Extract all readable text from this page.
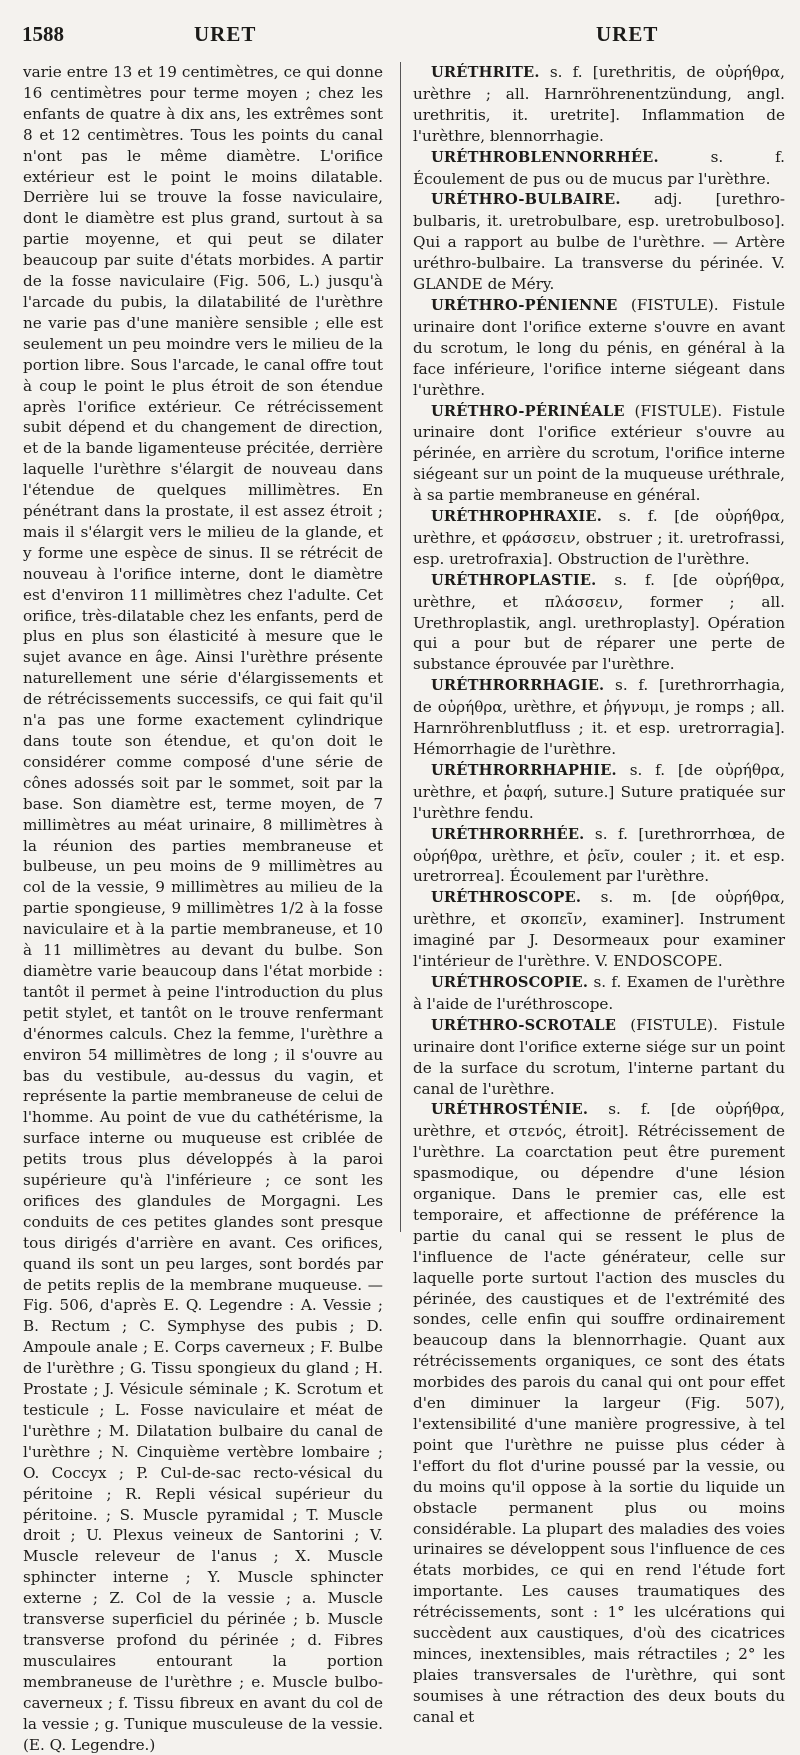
1588	URET	URET

varie entre 13 et 19 centimètres, ce qui donne 16 centimètres pour terme moyen ; chez les enfants de quatre à dix ans, les extrêmes sont 8 et 12 centimètres. Tous les points du canal n'ont pas le même diamètre. L'orifice extérieur est le point le moins dilatable. Derrière lui se trouve la fosse naviculaire, dont le diamètre est plus grand, surtout à sa partie moyenne, et qui peut se dilater beaucoup par suite d'états morbides. A partir de la fosse naviculaire (Fig. 506, L.) jusqu'à l'arcade du pubis, la dilatabilité de l'urèthre ne varie pas d'une manière sensible ; elle est seulement un peu moindre vers le milieu de la portion libre. Sous l'arcade, le canal offre tout à coup le point le plus étroit de son étendue après l'orifice extérieur. Ce rétrécissement subit dépend et du changement de direction, et de la bande ligamenteuse précitée, derrière laquelle l'urèthre s'élargit de nouveau dans l'étendue de quelques millimètres. En pénétrant dans la prostate, il est assez étroit ; mais il s'élargit vers le milieu de la glande, et y forme une espèce de sinus. Il se rétrécit de nouveau à l'orifice interne, dont le diamètre est d'environ 11 millimètres chez l'adulte. Cet orifice, très-dilatable chez les enfants, perd de plus en plus son élasticité à mesure que le sujet avance en âge. Ainsi l'urèthre présente naturellement une série d'élargissements et de rétrécissements successifs, ce qui fait qu'il n'a pas une forme exactement cylindrique dans toute son étendue, et qu'on doit le considérer comme composé d'une série de cônes adossés soit par le sommet, soit par la base. Son diamètre est, terme moyen, de 7 millimètres au méat urinaire, 8 millimètres à la réunion des parties membraneuse et bulbeuse, un peu moins de 9 millimètres au col de la vessie, 9 millimètres au milieu de la partie spongieuse, 9 millimètres 1/2 à la fosse naviculaire et à la partie membraneuse, et 10 à 11 millimètres au devant du bulbe. Son diamètre varie beaucoup dans l'état morbide : tantôt il permet à peine l'introduction du plus petit stylet, et tantôt on le trouve renfermant d'énormes calculs. Chez la femme, l'urèthre a environ 54 millimètres de long ; il s'ouvre au bas du vestibule, au-dessus du vagin, et représente la partie membraneuse de celui de l'homme. Au point de vue du cathétérisme, la surface interne ou muqueuse est criblée de petits trous plus développés à la paroi supérieure qu'à l'inférieure ; ce sont les orifices des glandules de Morgagni. Les conduits de ces petites glandes sont presque tous dirigés d'arrière en avant. Ces orifices, quand ils sont un peu larges, sont bordés par de petits replis de la membrane muqueuse. — Fig. 506, d'après E. Q. Legendre : A. Vessie ; B. Rectum ; C. Symphyse des pubis ; D. Ampoule anale ; E. Corps caverneux ; F. Bulbe de l'urèthre ; G. Tissu spongieux du gland ; H. Prostate ; J. Vésicule séminale ; K. Scrotum et testicule ; L. Fosse naviculaire et méat de l'urèthre ; M. Dilatation bulbaire du canal de l'urèthre ; N. Cinquième vertèbre lombaire ; O. Coccyx ; P. Cul-de-sac recto-vésical du péritoine ; R. Repli vésical supérieur du péritoine. ; S. Muscle pyramidal ; T. Muscle droit ; U. Plexus veineux de Santorini ; V. Muscle releveur de l'anus ; X. Muscle sphincter interne ; Y. Muscle sphincter externe ; Z. Col de la vessie ; a. Muscle transverse superficiel du périnée ; b. Muscle transverse profond du périnée ; d. Fibres musculaires entourant la portion membraneuse de l'urèthre ; e. Muscle bulbo-caverneux ; f. Tissu fibreux en avant du col de la vessie ; g. Tunique musculeuse de la vessie. (E. Q. Legendre.)

URÉTHRITE. s. f. [urethritis, de οὐρήθρα, urèthre ; all. Harnröhrenentzündung, angl. urethritis, it. uretrite]. Inflammation de l'urèthre, blennorrhagie.

URÉTHROBLENNORRHÉE. s. f. Écoulement de pus ou de mucus par l'urèthre.

URÉTHRO-BULBAIRE. adj. [urethro-bulbaris, it. uretrobulbare, esp. uretrobulboso]. Qui a rapport au bulbe de l'urèthre. — Artère uréthro-bulbaire. La transverse du périnée. V. GLANDE de Méry.

URÉTHRO-PÉNIENNE (FISTULE). Fistule urinaire dont l'orifice externe s'ouvre en avant du scrotum, le long du pénis, en général à la face inférieure, l'orifice interne siégeant dans l'urèthre.

URÉTHRO-PÉRINÉALE (FISTULE). Fistule urinaire dont l'orifice extérieur s'ouvre au périnée, en arrière du scrotum, l'orifice interne siégeant sur un point de la muqueuse uréthrale, à sa partie membraneuse en général.

URÉTHROPHRAXIE. s. f. [de οὐρήθρα, urèthre, et φράσσειν, obstruer ; it. uretrofrassi, esp. uretrofraxia]. Obstruction de l'urèthre.

URÉTHROPLASTIE. s. f. [de οὐρήθρα, urèthre, et πλάσσειν, former ; all. Urethroplastik, angl. urethroplasty]. Opération qui a pour but de réparer une perte de substance éprouvée par l'urèthre.

URÉTHRORRHAGIE. s. f. [urethrorrhagia, de οὐρήθρα, urèthre, et ῥήγνυμι, je romps ; all. Harnröhrenblutfluss ; it. et esp. uretrorragia]. Hémorrhagie de l'urèthre.

URÉTHRORRHAPHIE. s. f. [de οὐρήθρα, urèthre, et ῥαφή, suture.] Suture pratiquée sur l'urèthre fendu.

URÉTHRORRHÉE. s. f. [urethrorrhœa, de οὐρήθρα, urèthre, et ῥεῖν, couler ; it. et esp. uretrorrea]. Écoulement par l'urèthre.

URÉTHROSCOPE. s. m. [de οὐρήθρα, urèthre, et σκοπεῖν, examiner]. Instrument imaginé par J. Desormeaux pour examiner l'intérieur de l'urèthre. V. ENDOSCOPE.

URÉTHROSCOPIE. s. f. Examen de l'urèthre à l'aide de l'uréthroscope.

URÉTHRO-SCROTALE (FISTULE). Fistule urinaire dont l'orifice externe siége sur un point de la surface du scrotum, l'interne partant du canal de l'urèthre.

URÉTHROSTÉNIE. s. f. [de οὐρήθρα, urèthre, et στενός, étroit]. Rétrécissement de l'urèthre. La coarctation peut être purement spasmodique, ou dépendre d'une lésion organique. Dans le premier cas, elle est temporaire, et affectionne de préférence la partie du canal qui se ressent le plus de l'influence de l'acte générateur, celle sur laquelle porte surtout l'action des muscles du périnée, des caustiques et de l'extrémité des sondes, celle enfin qui souffre ordinairement beaucoup dans la blennorrhagie. Quant aux rétrécissements organiques, ce sont des états morbides des parois du canal qui ont pour effet d'en diminuer la largeur (Fig. 507), l'extensibilité d'une manière progressive, à tel point que l'urèthre ne puisse plus céder à l'effort du flot d'urine poussé par la vessie, ou du moins qu'il oppose à la sortie du liquide un obstacle permanent plus ou moins considérable. La plupart des maladies des voies urinaires se développent sous l'influence de ces états morbides, ce qui en rend l'étude fort importante. Les causes traumatiques des rétrécissements, sont : 1° les ulcérations qui succèdent aux caustiques, d'où des cicatrices minces, inextensibles, mais rétractiles ; 2° les plaies transversales de l'urèthre, qui sont soumises à une rétraction des deux bouts du canal et
